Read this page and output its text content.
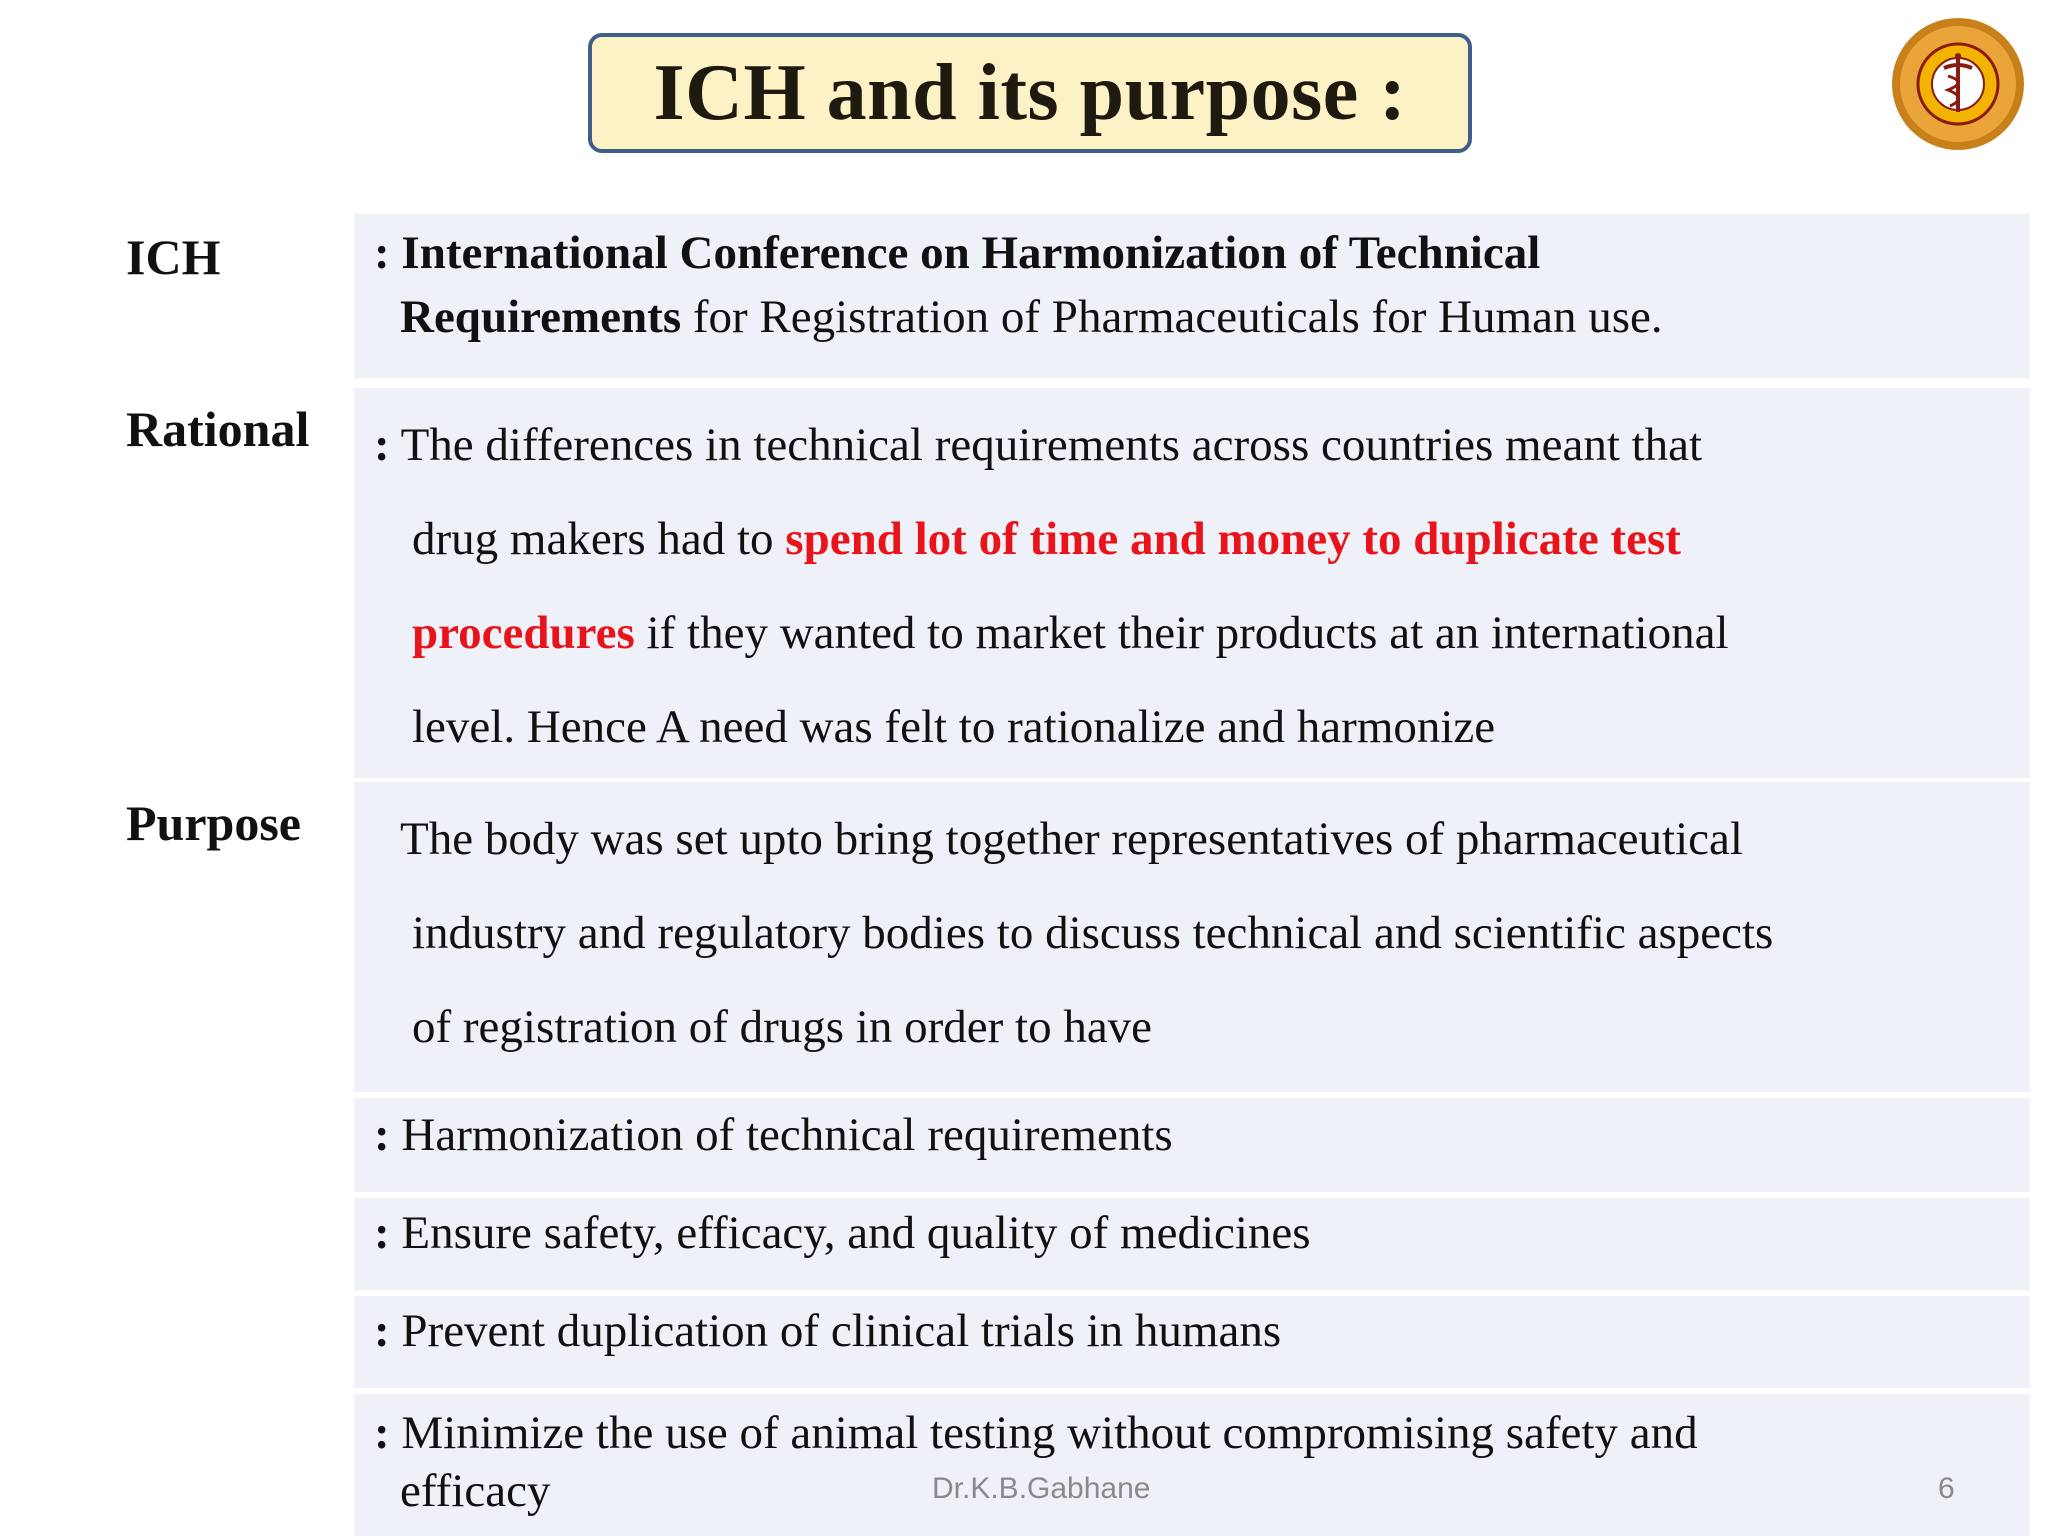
ICH and its purpose :
ICH
Rational
Purpose
: International Conference on Harmonization of Technical
Requirements for Registration of Pharmaceuticals for Human use.
: The differences in technical requirements across countries meant that
drug makers had to spend lot of time and money to duplicate test
procedures if they wanted to market their products at an international
level. Hence A need was felt to rationalize and harmonize
The body was set upto bring together representatives of pharmaceutical
industry and regulatory bodies to discuss technical and scientific aspects
of registration of drugs in order to have
: Harmonization of technical requirements
: Ensure safety, efficacy, and quality of medicines
: Prevent duplication of clinical trials in humans
: Minimize the use of animal testing without compromising safety and
efficacy	Dr.K.B.Gabhane	6
